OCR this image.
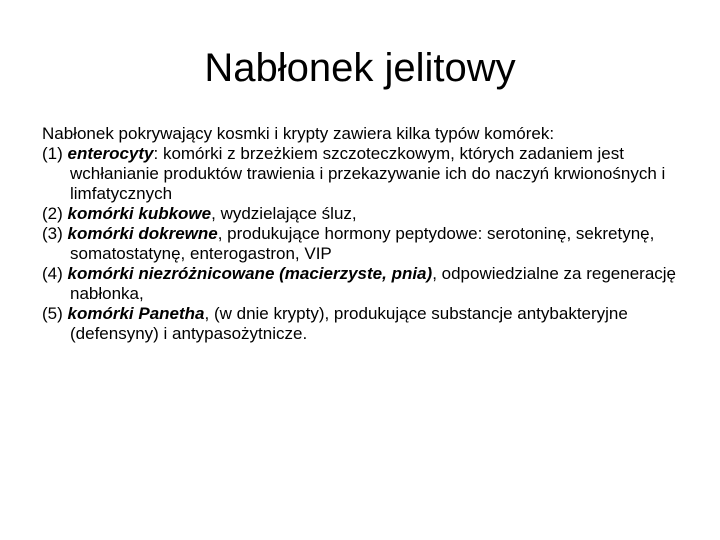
Nabłonek jelitowy

Nabłonek pokrywający kosmki i krypty zawiera kilka typów komórek:

(1) enterocyty: komórki z brzeżkiem szczoteczkowym, których zadaniem jest wchłanianie produktów trawienia i przekazywanie ich do naczyń krwionośnych i limfatycznych

(2) komórki kubkowe, wydzielające śluz,

(3) komórki dokrewne, produkujące hormony peptydowe: serotoninę, sekretynę, somatostatynę, enterogastron, VIP

(4) komórki niezróżnicowane (macierzyste, pnia), odpowiedzialne za regenerację nabłonka,

(5) komórki Panetha, (w dnie krypty), produkujące substancje antybakteryjne (defensyny) i antypasożytnicze.
